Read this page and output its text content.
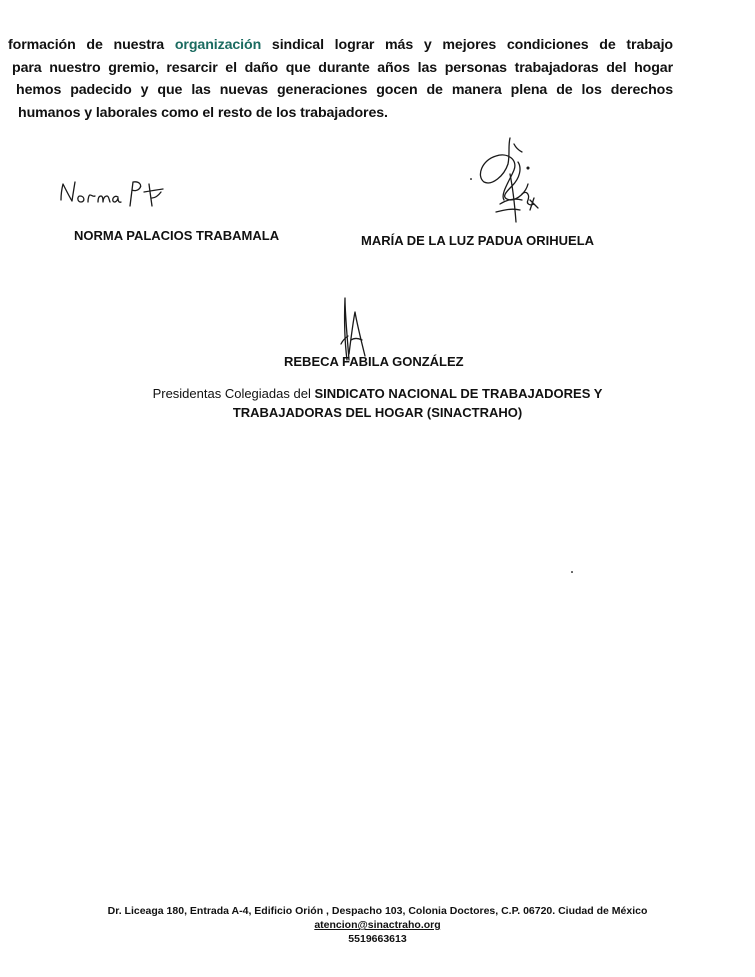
formación de nuestra organización sindical lograr más y mejores condiciones de trabajo
para nuestro gremio, resarcir el daño que durante años las personas trabajadoras del hogar
hemos padecido y que las nuevas generaciones gocen de manera plena de los derechos
humanos y laborales como el resto de los trabajadores.
NORMA PALACIOS TRABAMALA	MARÍA DE LA LUZ PADUA ORIHUELA
REBECA FABILA GONZÁLEZ
Presidentas Colegiadas del SINDICATO NACIONAL DE TRABAJADORES Y
TRABAJADORAS DEL HOGAR (SINACTRAHO)
Dr. Liceaga 180, Entrada A-4, Edificio Orión , Despacho 103, Colonia Doctores, C.P. 06720. Ciudad de México
atencion@sinactraho.org
5519663613
